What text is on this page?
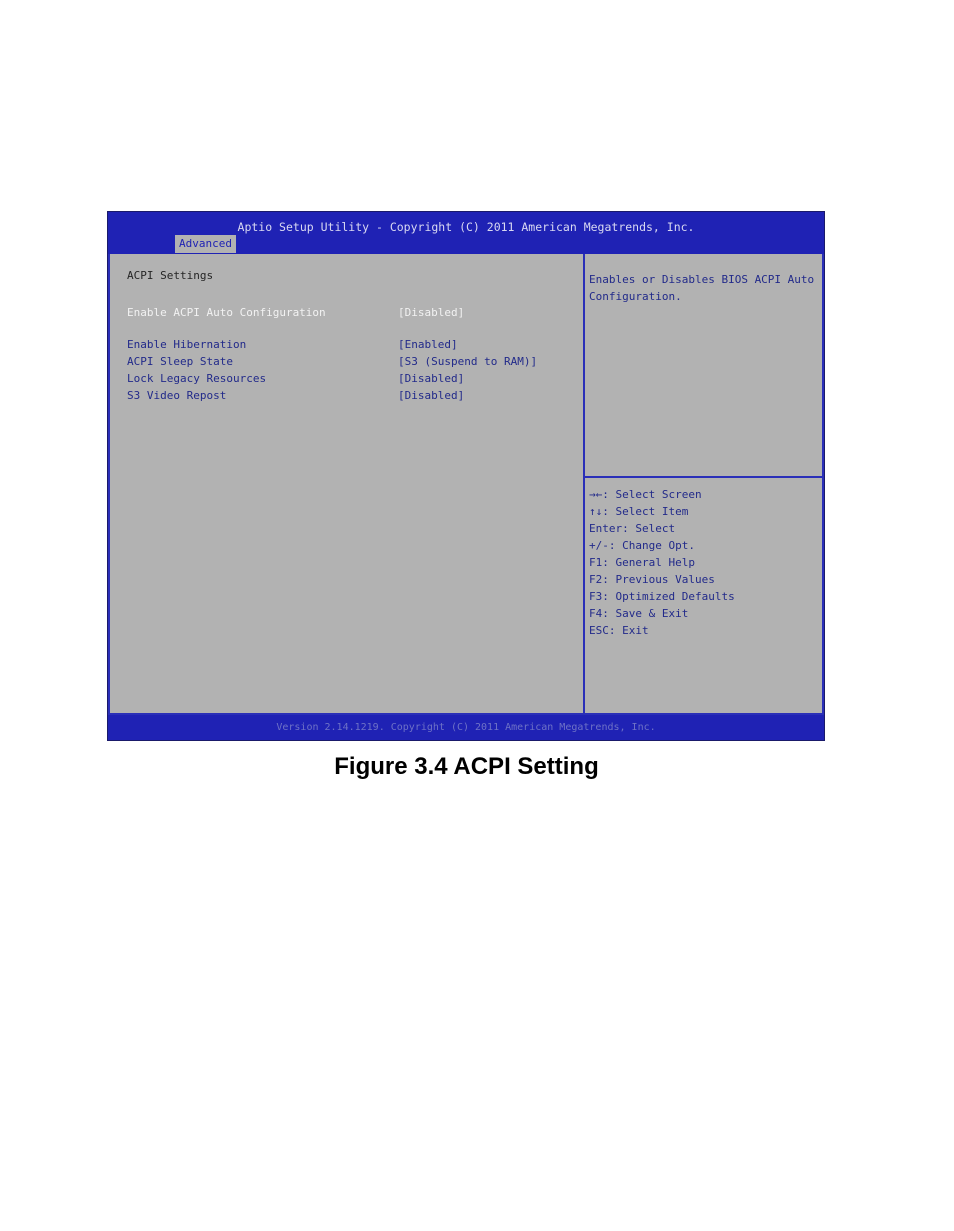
Aptio Setup Utility - Copyright (C) 2011 American Megatrends, Inc.
Advanced
ACPI Settings
Enable ACPI Auto Configuration	[Disabled]
Enable Hibernation	[Enabled]
ACPI Sleep State	[S3 (Suspend to RAM)]
Lock Legacy Resources	[Disabled]
S3 Video Repost	[Disabled]
Enables or Disables BIOS ACPI Auto Configuration.
→←: Select Screen
↑↓: Select Item
Enter: Select
+/-: Change Opt.
F1: General Help
F2: Previous Values
F3: Optimized Defaults
F4: Save & Exit
ESC: Exit
Version 2.14.1219. Copyright (C) 2011 American Megatrends, Inc.
Figure 3.4 ACPI Setting
